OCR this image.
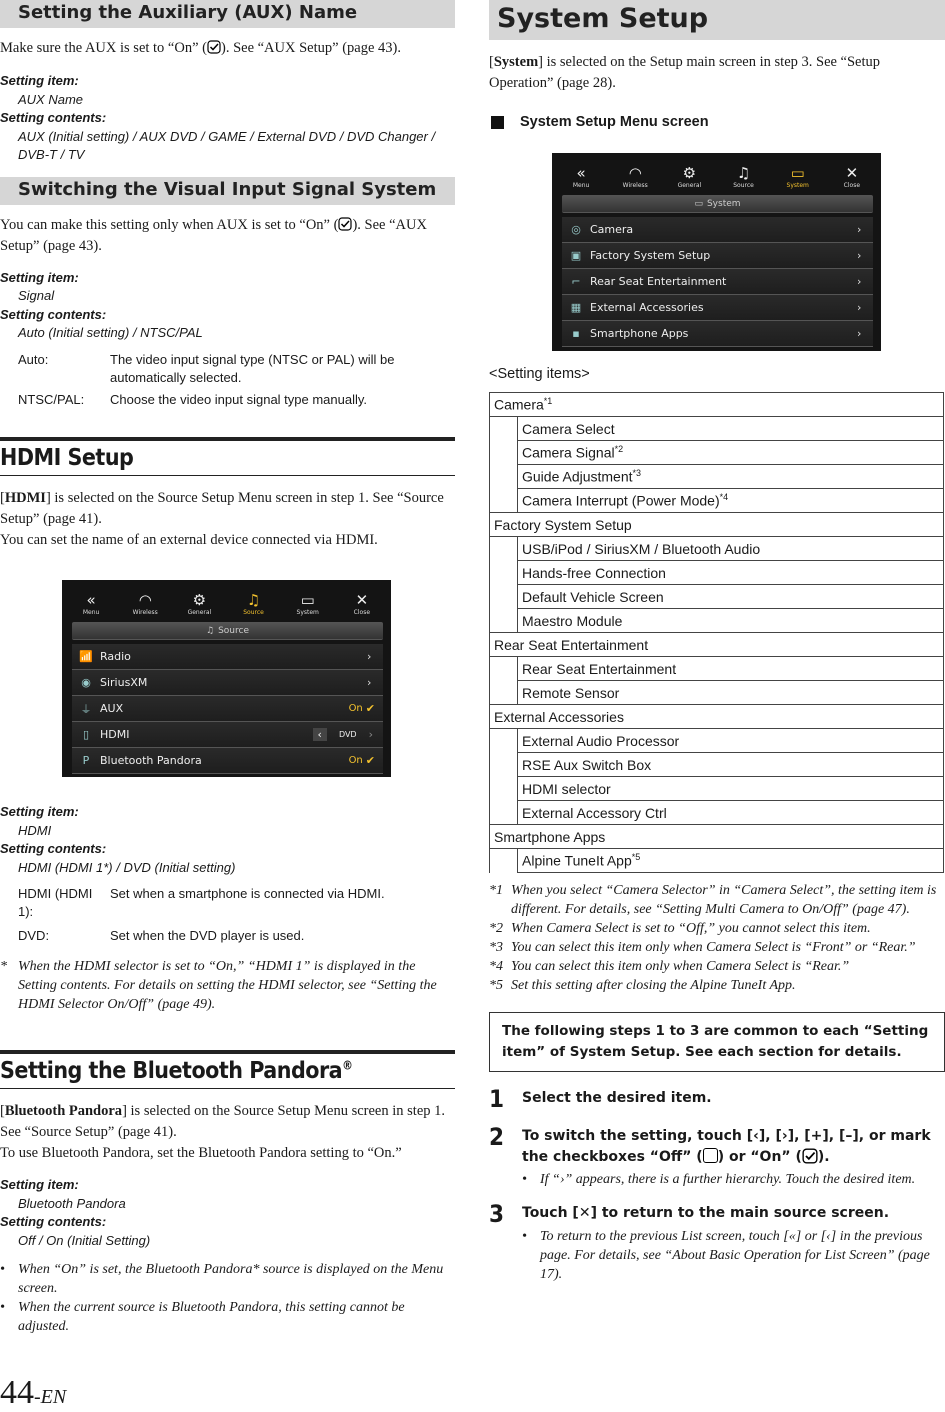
Setting the Auxiliary (AUX) Name
Make sure the AUX is set to “On” ( ). See “AUX Setup” (page 43).
Setting item:
AUX Name
Setting contents:
AUX (Initial setting) / AUX DVD / GAME / External DVD / DVD Changer / DVB-T / TV
Switching the Visual Input Signal System
You can make this setting only when AUX is set to “On” ( ). See “AUX Setup” (page 43).
Setting item:
Signal
Setting contents:
Auto (Initial setting) / NTSC/PAL
Auto:	The video input signal type (NTSC or PAL) will be automatically selected.
NTSC/PAL:	Choose the video input signal type manually.
HDMI Setup
[HDMI] is selected on the Source Setup Menu screen in step 1. See “Source Setup” (page 41).
You can set the name of an external device connected via HDMI.
«
Menu
◠
Wireless
⚙
General
♫
Source
▭
System
✕
Close
♫ Source
📶 Radio	›
◉ SiriusXM	›
⏚ AUX	On ✔
▯ HDMI	‹	DVD ›
P Bluetooth Pandora	On ✔
Setting item:
HDMI
Setting contents:
HDMI (HDMI 1*) / DVD (Initial setting)
HDMI (HDMI 1):
Set when a smartphone is connected via HDMI.
DVD:	Set when the DVD player is used.
* When the HDMI selector is set to “On,” “HDMI 1” is displayed in the Setting contents. For details on setting the HDMI selector, see “Setting the HDMI Selector On/Off” (page 49).
Setting the Bluetooth Pandora®
[Bluetooth Pandora] is selected on the Source Setup Menu screen in step 1. See “Source Setup” (page 41).
To use Bluetooth Pandora, set the Bluetooth Pandora setting to “On.”
Setting item:
Bluetooth Pandora
Setting contents:
Off / On (Initial Setting)
• When “On” is set, the Bluetooth Pandora* source is displayed on the Menu screen.
• When the current source is Bluetooth Pandora, this setting cannot be adjusted.
44-EN
System Setup
[System] is selected on the Setup main screen in step 3. See “Setup Operation” (page 28).
System Setup Menu screen
«
Menu
◠
Wireless
⚙
General
♫
Source
▭
System
✕
Close
▭ System
◎ Camera	›
▣ Factory System Setup	›
⌐ Rear Seat Entertainment	›
▦ External Accessories	›
▪ Smartphone Apps	›
<Setting items>
Camera$^{*1}$
	Camera Select
	Camera Signal$^{*2}$
	Guide Adjustment$^{*3}$
	Camera Interrupt (Power Mode)$^{*4}$
Factory System Setup	
	USB/iPod / SiriusXM / Bluetooth Audio
	Hands-free Connection
	Default Vehicle Screen
	Maestro Module
Rear Seat Entertainment	
	Rear Seat Entertainment
	Remote Sensor
External Accessories	
	External Audio Processor
	RSE Aux Switch Box
	HDMI selector
	External Accessory Ctrl
Smartphone Apps	
	Alpine TuneIt App$^{*5}$
*1 When you select “Camera Selector” in “Camera Select”, the setting item is different. For details, see “Setting Multi Camera to On/Off” (page 47).
*2 When Camera Select is set to “Off,” you cannot select this item.
*3 You can select this item only when Camera Select is “Front” or “Rear.”
*4 You can select this item only when Camera Select is “Rear.”
*5 Set this setting after closing the Alpine TuneIt App.
The following steps 1 to 3 are common to each “Setting item” of System Setup. See each section for details.
1	Select the desired item.
2	To switch the setting, touch [‹], [›], [+], [–], or mark the checkboxes “Off” ( ) or “On” ( ).
• If “›” appears, there is a further hierarchy. Touch the desired item.
3	Touch [✕] to return to the main source screen.
• To return to the previous List screen, touch [«] or [‹] in the previous page. For details, see “About Basic Operation for List Screen” (page 17).
